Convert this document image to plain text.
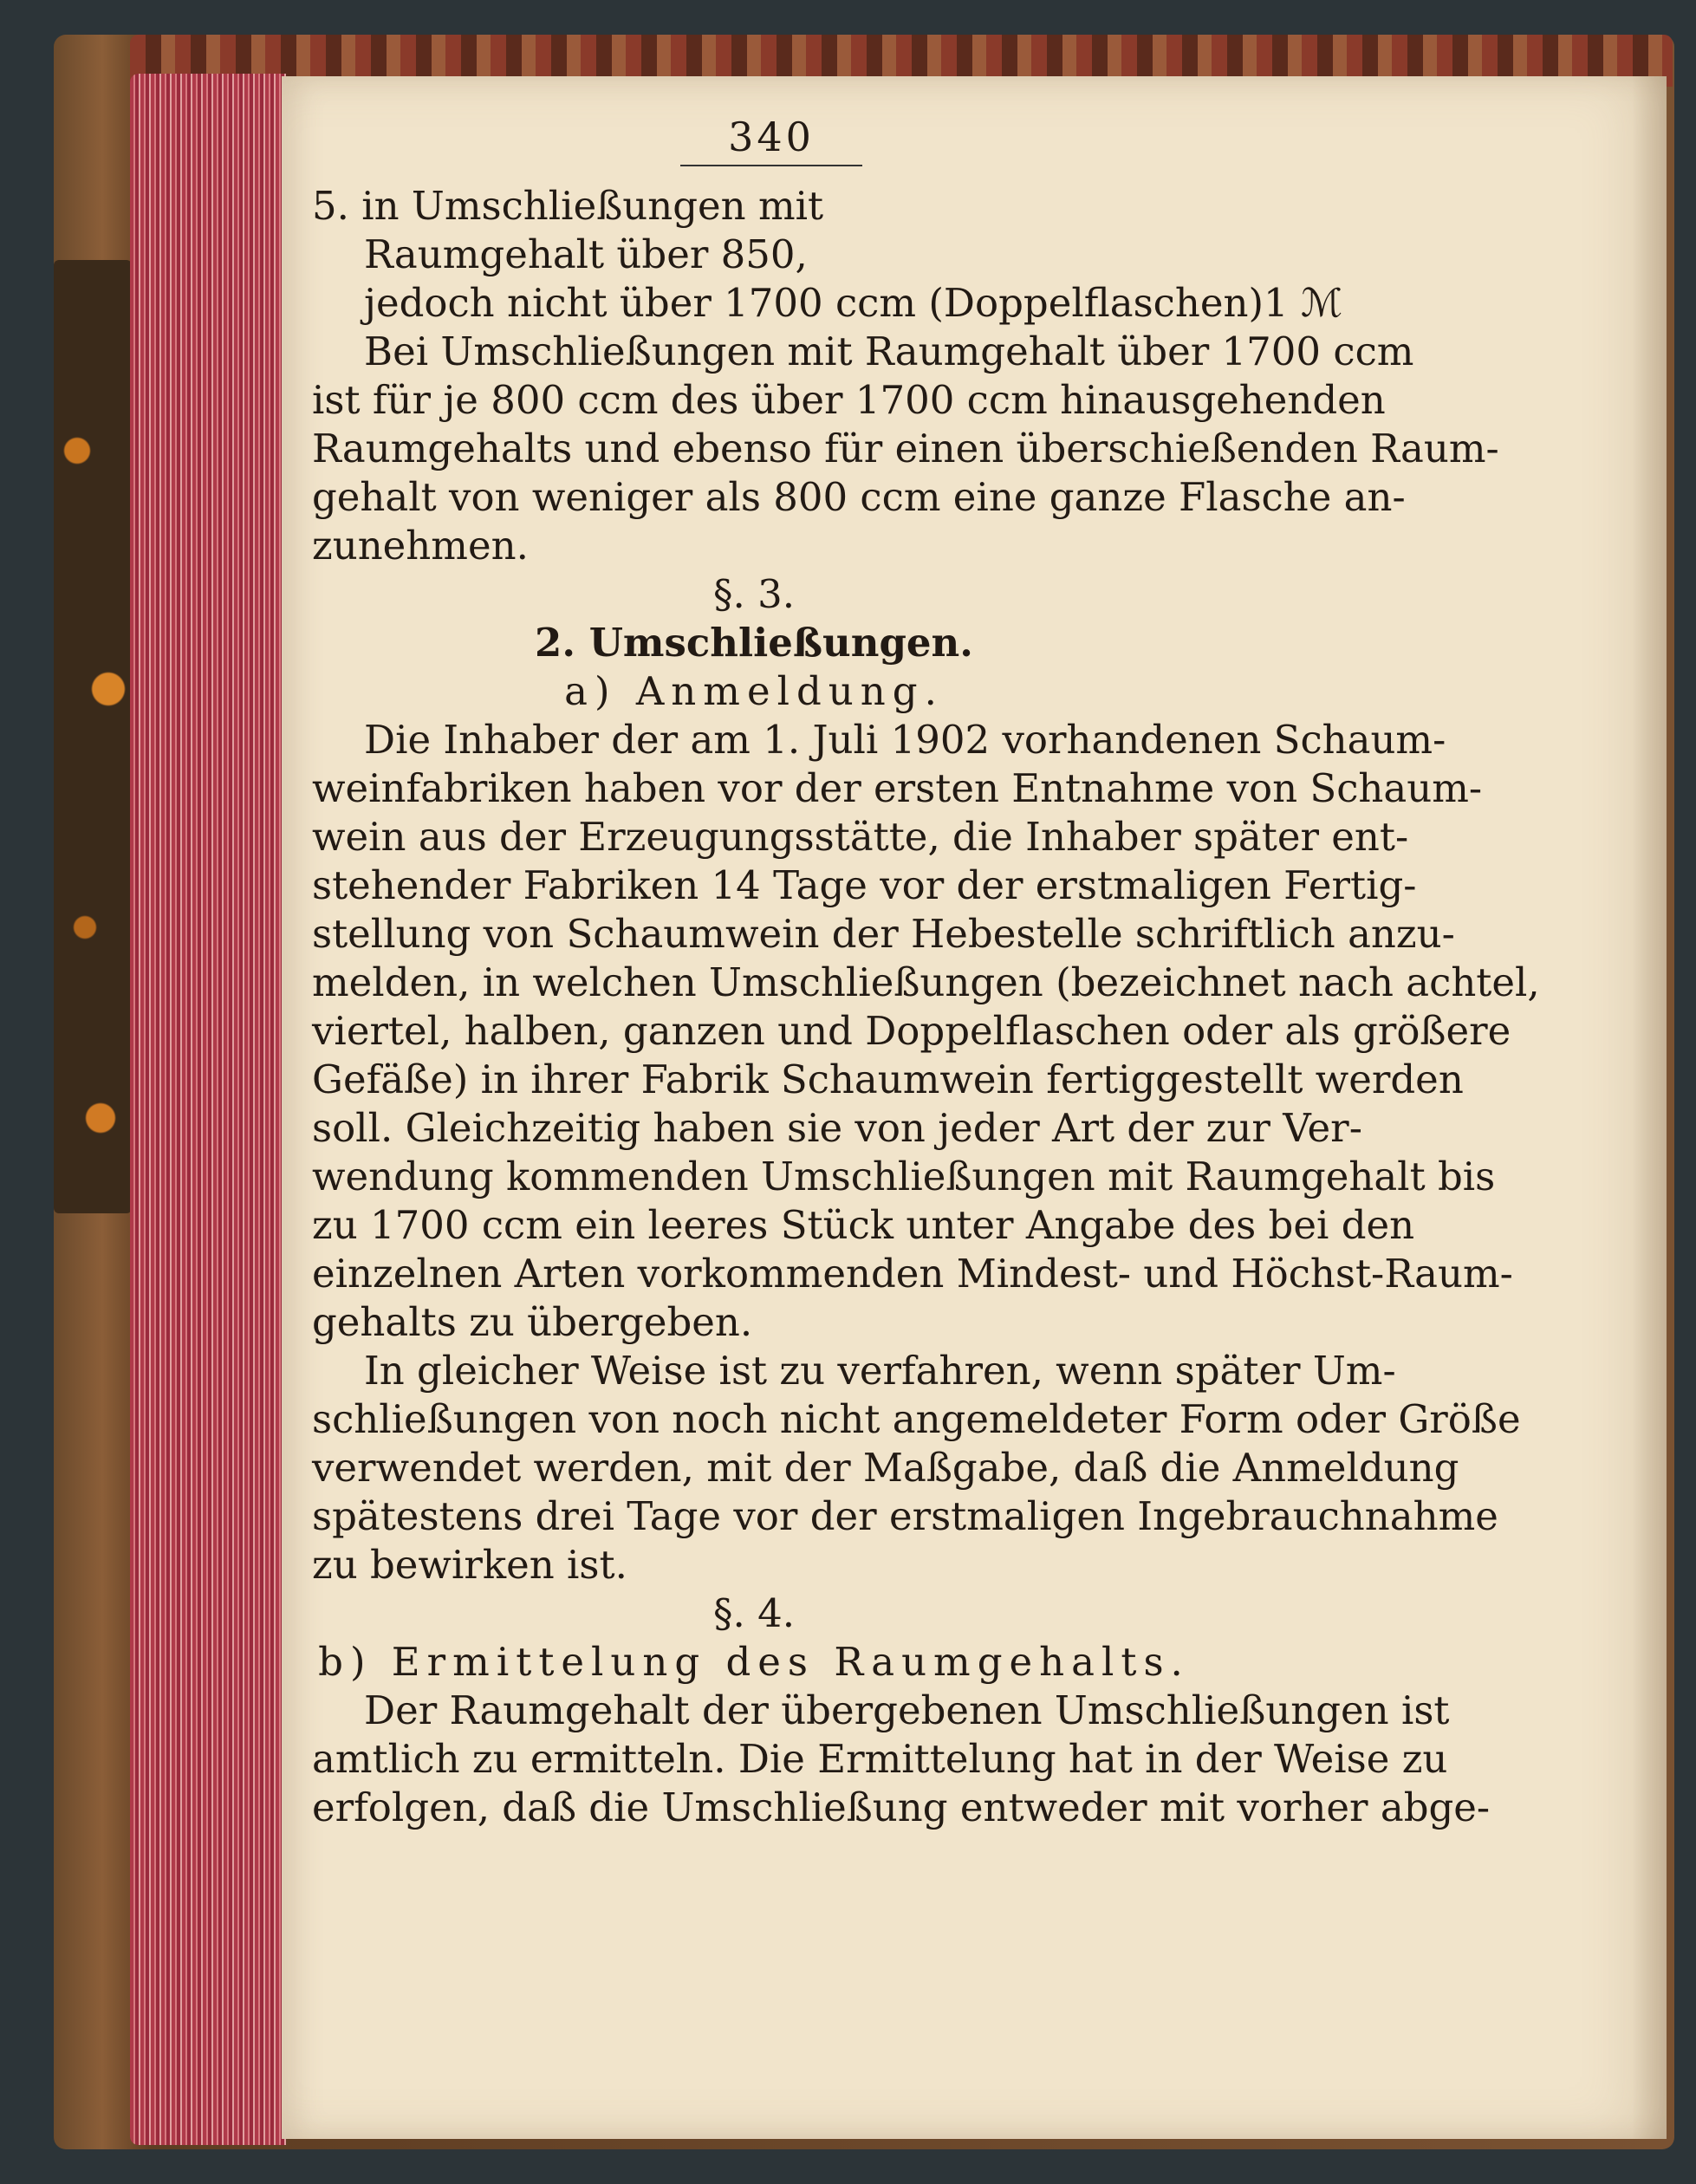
340
5. in Umschließungen mit
Raumgehalt über 850,
jedoch nicht über 1700 ccm (Doppelflaschen) 1 ℳ
Bei Umschließungen mit Raumgehalt über 1700 ccm
ist für je 800 ccm des über 1700 ccm hinausgehenden
Raumgehalts und ebenso für einen überschießenden Raum-
gehalt von weniger als 800 ccm eine ganze Flasche an-
zunehmen.
§. 3.
2. Umschließungen.
a) Anmeldung.
Die Inhaber der am 1. Juli 1902 vorhandenen Schaum-
weinfabriken haben vor der ersten Entnahme von Schaum-
wein aus der Erzeugungsstätte, die Inhaber später ent-
stehender Fabriken 14 Tage vor der erstmaligen Fertig-
stellung von Schaumwein der Hebestelle schriftlich anzu-
melden, in welchen Umschließungen (bezeichnet nach achtel,
viertel, halben, ganzen und Doppelflaschen oder als größere
Gefäße) in ihrer Fabrik Schaumwein fertiggestellt werden
soll. Gleichzeitig haben sie von jeder Art der zur Ver-
wendung kommenden Umschließungen mit Raumgehalt bis
zu 1700 ccm ein leeres Stück unter Angabe des bei den
einzelnen Arten vorkommenden Mindest- und Höchst-Raum-
gehalts zu übergeben.
In gleicher Weise ist zu verfahren, wenn später Um-
schließungen von noch nicht angemeldeter Form oder Größe
verwendet werden, mit der Maßgabe, daß die Anmeldung
spätestens drei Tage vor der erstmaligen Ingebrauchnahme
zu bewirken ist.
§. 4.
b) Ermittelung des Raumgehalts.
Der Raumgehalt der übergebenen Umschließungen ist
amtlich zu ermitteln. Die Ermittelung hat in der Weise zu
erfolgen, daß die Umschließung entweder mit vorher abge-
